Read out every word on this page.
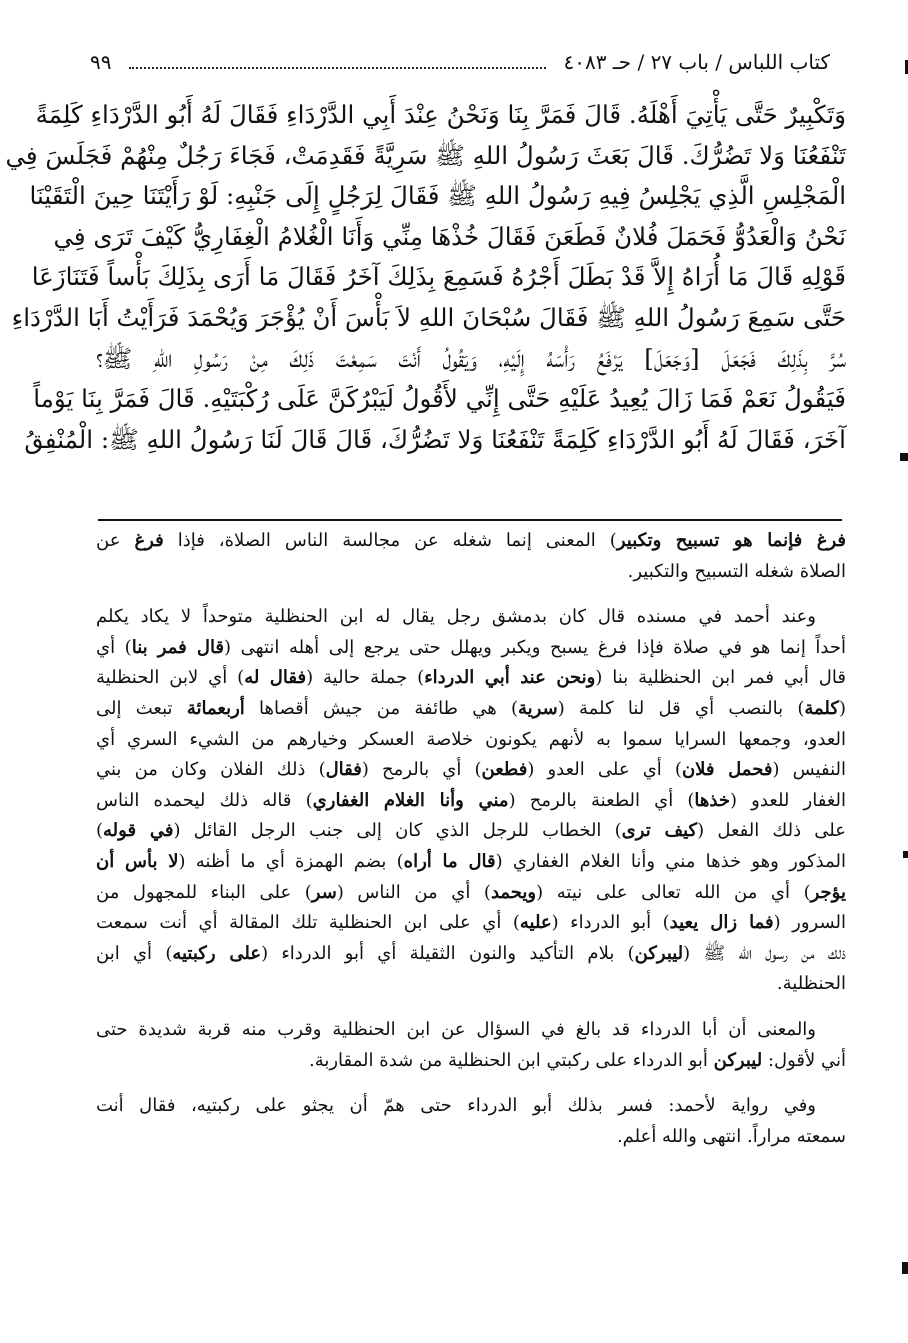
كتاب اللباس / باب ٢٧ / حـ ٤٠٨٣
٩٩

وَتَكْبِيرٌ حَتَّى يَأْتِيَ أَهْلَهُ. قَالَ فَمَرَّ بِنَا وَنَحْنُ عِنْدَ أَبِي الدَّرْدَاءِ فَقَالَ لَهُ أَبُو الدَّرْدَاءِ كَلِمَةً

تَنْفَعُنَا وَلا تَضُرُّكَ. قَالَ بَعَثَ رَسُولُ اللهِ ﷺ سَرِيَّةً فَقَدِمَتْ، فَجَاءَ رَجُلٌ مِنْهُمْ فَجَلَسَ فِي

الْمَجْلِسِ الَّذِي يَجْلِسُ فِيهِ رَسُولُ اللهِ ﷺ فَقَالَ لِرَجُلٍ إِلَى جَنْبِهِ: لَوْ رَأَيْتَنَا حِينَ الْتَقَيْنَا

نَحْنُ وَالْعَدُوُّ فَحَمَلَ فُلانٌ فَطَعَنَ فَقَالَ خُذْهَا مِنِّي وَأَنَا الْغُلامُ الْغِفَارِيُّ كَيْفَ تَرَى فِي

قَوْلِهِ قَالَ مَا أُرَاهُ إِلاَّ قَدْ بَطَلَ أَجْرُهُ فَسَمِعَ بِذَلِكَ آخَرُ فَقَالَ مَا أَرَى بِذَلِكَ بَأْساً فَتَنَازَعَا

حَتَّى سَمِعَ رَسُولُ اللهِ ﷺ فَقَالَ سُبْحَانَ اللهِ لاَ بَأْسَ أَنْ يُؤْجَرَ وَيُحْمَدَ فَرَأَيْتُ أَبَا الدَّرْدَاءِ

سُرَّ بِذَلِكَ فَجَعَلَ [وَجَعَلَ] يَرْفَعُ رَأْسَهُ إِلَيْهِ، وَيَقُولُ أَنْتَ سَمِعْتَ ذَلِكَ مِنْ رَسُولِ اللهِ ﷺ؟

فَيَقُولُ نَعَمْ فَمَا زَالَ يُعِيدُ عَلَيْهِ حَتَّى إِنِّي لأَقُولُ لَيَبْرُكَنَّ عَلَى رُكْبَتَيْهِ. قَالَ فَمَرَّ بِنَا يَوْماً

آخَرَ، فَقَالَ لَهُ أَبُو الدَّرْدَاءِ كَلِمَةً تَنْفَعُنَا وَلا تَضُرُّكَ، قَالَ قَالَ لَنَا رَسُولُ اللهِ ﷺ: الْمُنْفِقُ

فرغ فإنما هو تسبيح وتكبير) المعنى إنما شغله عن مجالسة الناس الصلاة، فإذا فرغ عن
الصلاة شغله التسبيح والتكبير.
وعند أحمد في مسنده قال كان بدمشق رجل يقال له ابن الحنظلية متوحداً لا يكاد يكلم
أحداً إنما هو في صلاة فإذا فرغ يسبح ويكبر ويهلل حتى يرجع إلى أهله انتهى (قال فمر بنا) أي
قال أبي فمر ابن الحنظلية بنا (ونحن عند أبي الدرداء) جملة حالية (فقال له) أي لابن الحنظلية
(كلمة) بالنصب أي قل لنا كلمة (سرية) هي طائفة من جيش أقصاها أربعمائة تبعث إلى
العدو، وجمعها السرايا سموا به لأنهم يكونون خلاصة العسكر وخيارهم من الشيء السري أي
النفيس (فحمل فلان) أي على العدو (فطعن) أي بالرمح (فقال) ذلك الفلان وكان من بني
الغفار للعدو (خذها) أي الطعنة بالرمح (مني وأنا الغلام الغفاري) قاله ذلك ليحمده الناس
على ذلك الفعل (كيف ترى) الخطاب للرجل الذي كان إلى جنب الرجل القائل (في قوله)
المذكور وهو خذها مني وأنا الغلام الغفاري (قال ما أراه) بضم الهمزة أي ما أظنه (لا بأس أن
يؤجر) أي من الله تعالى على نيته (ويحمد) أي من الناس (سر) على البناء للمجهول من
السرور (فما زال يعيد) أبو الدرداء (عليه) أي على ابن الحنظلية تلك المقالة أي أنت سمعت
ذلك من رسول الله ﷺ (ليبركن) بلام التأكيد والنون الثقيلة أي أبو الدرداء (على ركبتيه) أي ابن
الحنظلية.
والمعنى أن أبا الدرداء قد بالغ في السؤال عن ابن الحنظلية وقرب منه قربة شديدة حتى
أني لأقول: ليبركن أبو الدرداء على ركبتي ابن الحنظلية من شدة المقاربة.
وفي رواية لأحمد: فسر بذلك أبو الدرداء حتى همّ أن يجثو على ركبتيه، فقال أنت
سمعته مراراً. انتهى والله أعلم.
